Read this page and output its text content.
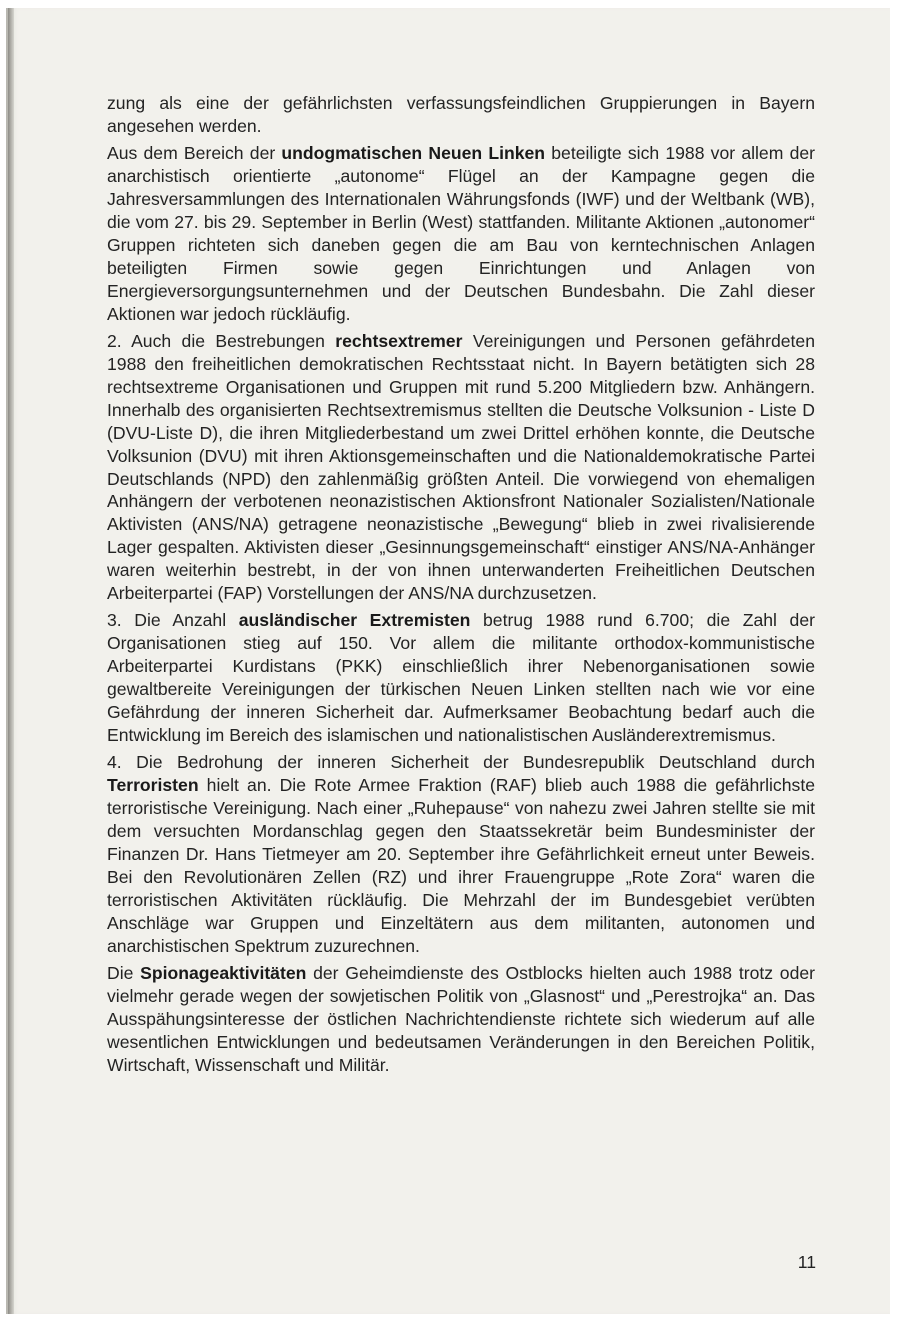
zung als eine der gefährlichsten verfassungsfeindlichen Gruppierungen in Bayern angesehen werden.

Aus dem Bereich der undogmatischen Neuen Linken beteiligte sich 1988 vor allem der anarchistisch orientierte „autonome“ Flügel an der Kampagne gegen die Jahresversammlungen des Internationalen Währungsfonds (IWF) und der Weltbank (WB), die vom 27. bis 29. September in Berlin (West) stattfanden. Militante Aktionen „autonomer“ Gruppen richteten sich daneben gegen die am Bau von kerntechnischen Anlagen beteiligten Firmen sowie gegen Einrichtungen und Anlagen von Energieversorgungsunternehmen und der Deutschen Bundesbahn. Die Zahl dieser Aktionen war jedoch rückläufig.

2. Auch die Bestrebungen rechtsextremer Vereinigungen und Personen gefährdeten 1988 den freiheitlichen demokratischen Rechtsstaat nicht. In Bayern betätigten sich 28 rechtsextreme Organisationen und Gruppen mit rund 5.200 Mitgliedern bzw. Anhängern. Innerhalb des organisierten Rechtsextremismus stellten die Deutsche Volksunion - Liste D (DVU-Liste D), die ihren Mitgliederbestand um zwei Drittel erhöhen konnte, die Deutsche Volksunion (DVU) mit ihren Aktionsgemeinschaften und die Nationaldemokratische Partei Deutschlands (NPD) den zahlenmäßig größten Anteil. Die vorwiegend von ehemaligen Anhängern der verbotenen neonazistischen Aktionsfront Nationaler Sozialisten/Nationale Aktivisten (ANS/NA) getragene neonazistische „Bewegung“ blieb in zwei rivalisierende Lager gespalten. Aktivisten dieser „Gesinnungsgemeinschaft“ einstiger ANS/NA-Anhänger waren weiterhin bestrebt, in der von ihnen unterwanderten Freiheitlichen Deutschen Arbeiterpartei (FAP) Vorstellungen der ANS/NA durchzusetzen.

3. Die Anzahl ausländischer Extremisten betrug 1988 rund 6.700; die Zahl der Organisationen stieg auf 150. Vor allem die militante orthodox-kommunistische Arbeiterpartei Kurdistans (PKK) einschließlich ihrer Nebenorganisationen sowie gewaltbereite Vereinigungen der türkischen Neuen Linken stellten nach wie vor eine Gefährdung der inneren Sicherheit dar. Aufmerksamer Beobachtung bedarf auch die Entwicklung im Bereich des islamischen und nationalistischen Ausländerextremismus.

4. Die Bedrohung der inneren Sicherheit der Bundesrepublik Deutschland durch Terroristen hielt an. Die Rote Armee Fraktion (RAF) blieb auch 1988 die gefährlichste terroristische Vereinigung. Nach einer „Ruhepause“ von nahezu zwei Jahren stellte sie mit dem versuchten Mordanschlag gegen den Staatssekretär beim Bundesminister der Finanzen Dr. Hans Tietmeyer am 20. September ihre Gefährlichkeit erneut unter Beweis. Bei den Revolutionären Zellen (RZ) und ihrer Frauengruppe „Rote Zora“ waren die terroristischen Aktivitäten rückläufig. Die Mehrzahl der im Bundesgebiet verübten Anschläge war Gruppen und Einzeltätern aus dem militanten, autonomen und anarchistischen Spektrum zuzurechnen.

Die Spionageaktivitäten der Geheimdienste des Ostblocks hielten auch 1988 trotz oder vielmehr gerade wegen der sowjetischen Politik von „Glasnost“ und „Perestrojka“ an. Das Ausspähungsinteresse der östlichen Nachrichtendienste richtete sich wiederum auf alle wesentlichen Entwicklungen und bedeutsamen Veränderungen in den Bereichen Politik, Wirtschaft, Wissenschaft und Militär.

11
